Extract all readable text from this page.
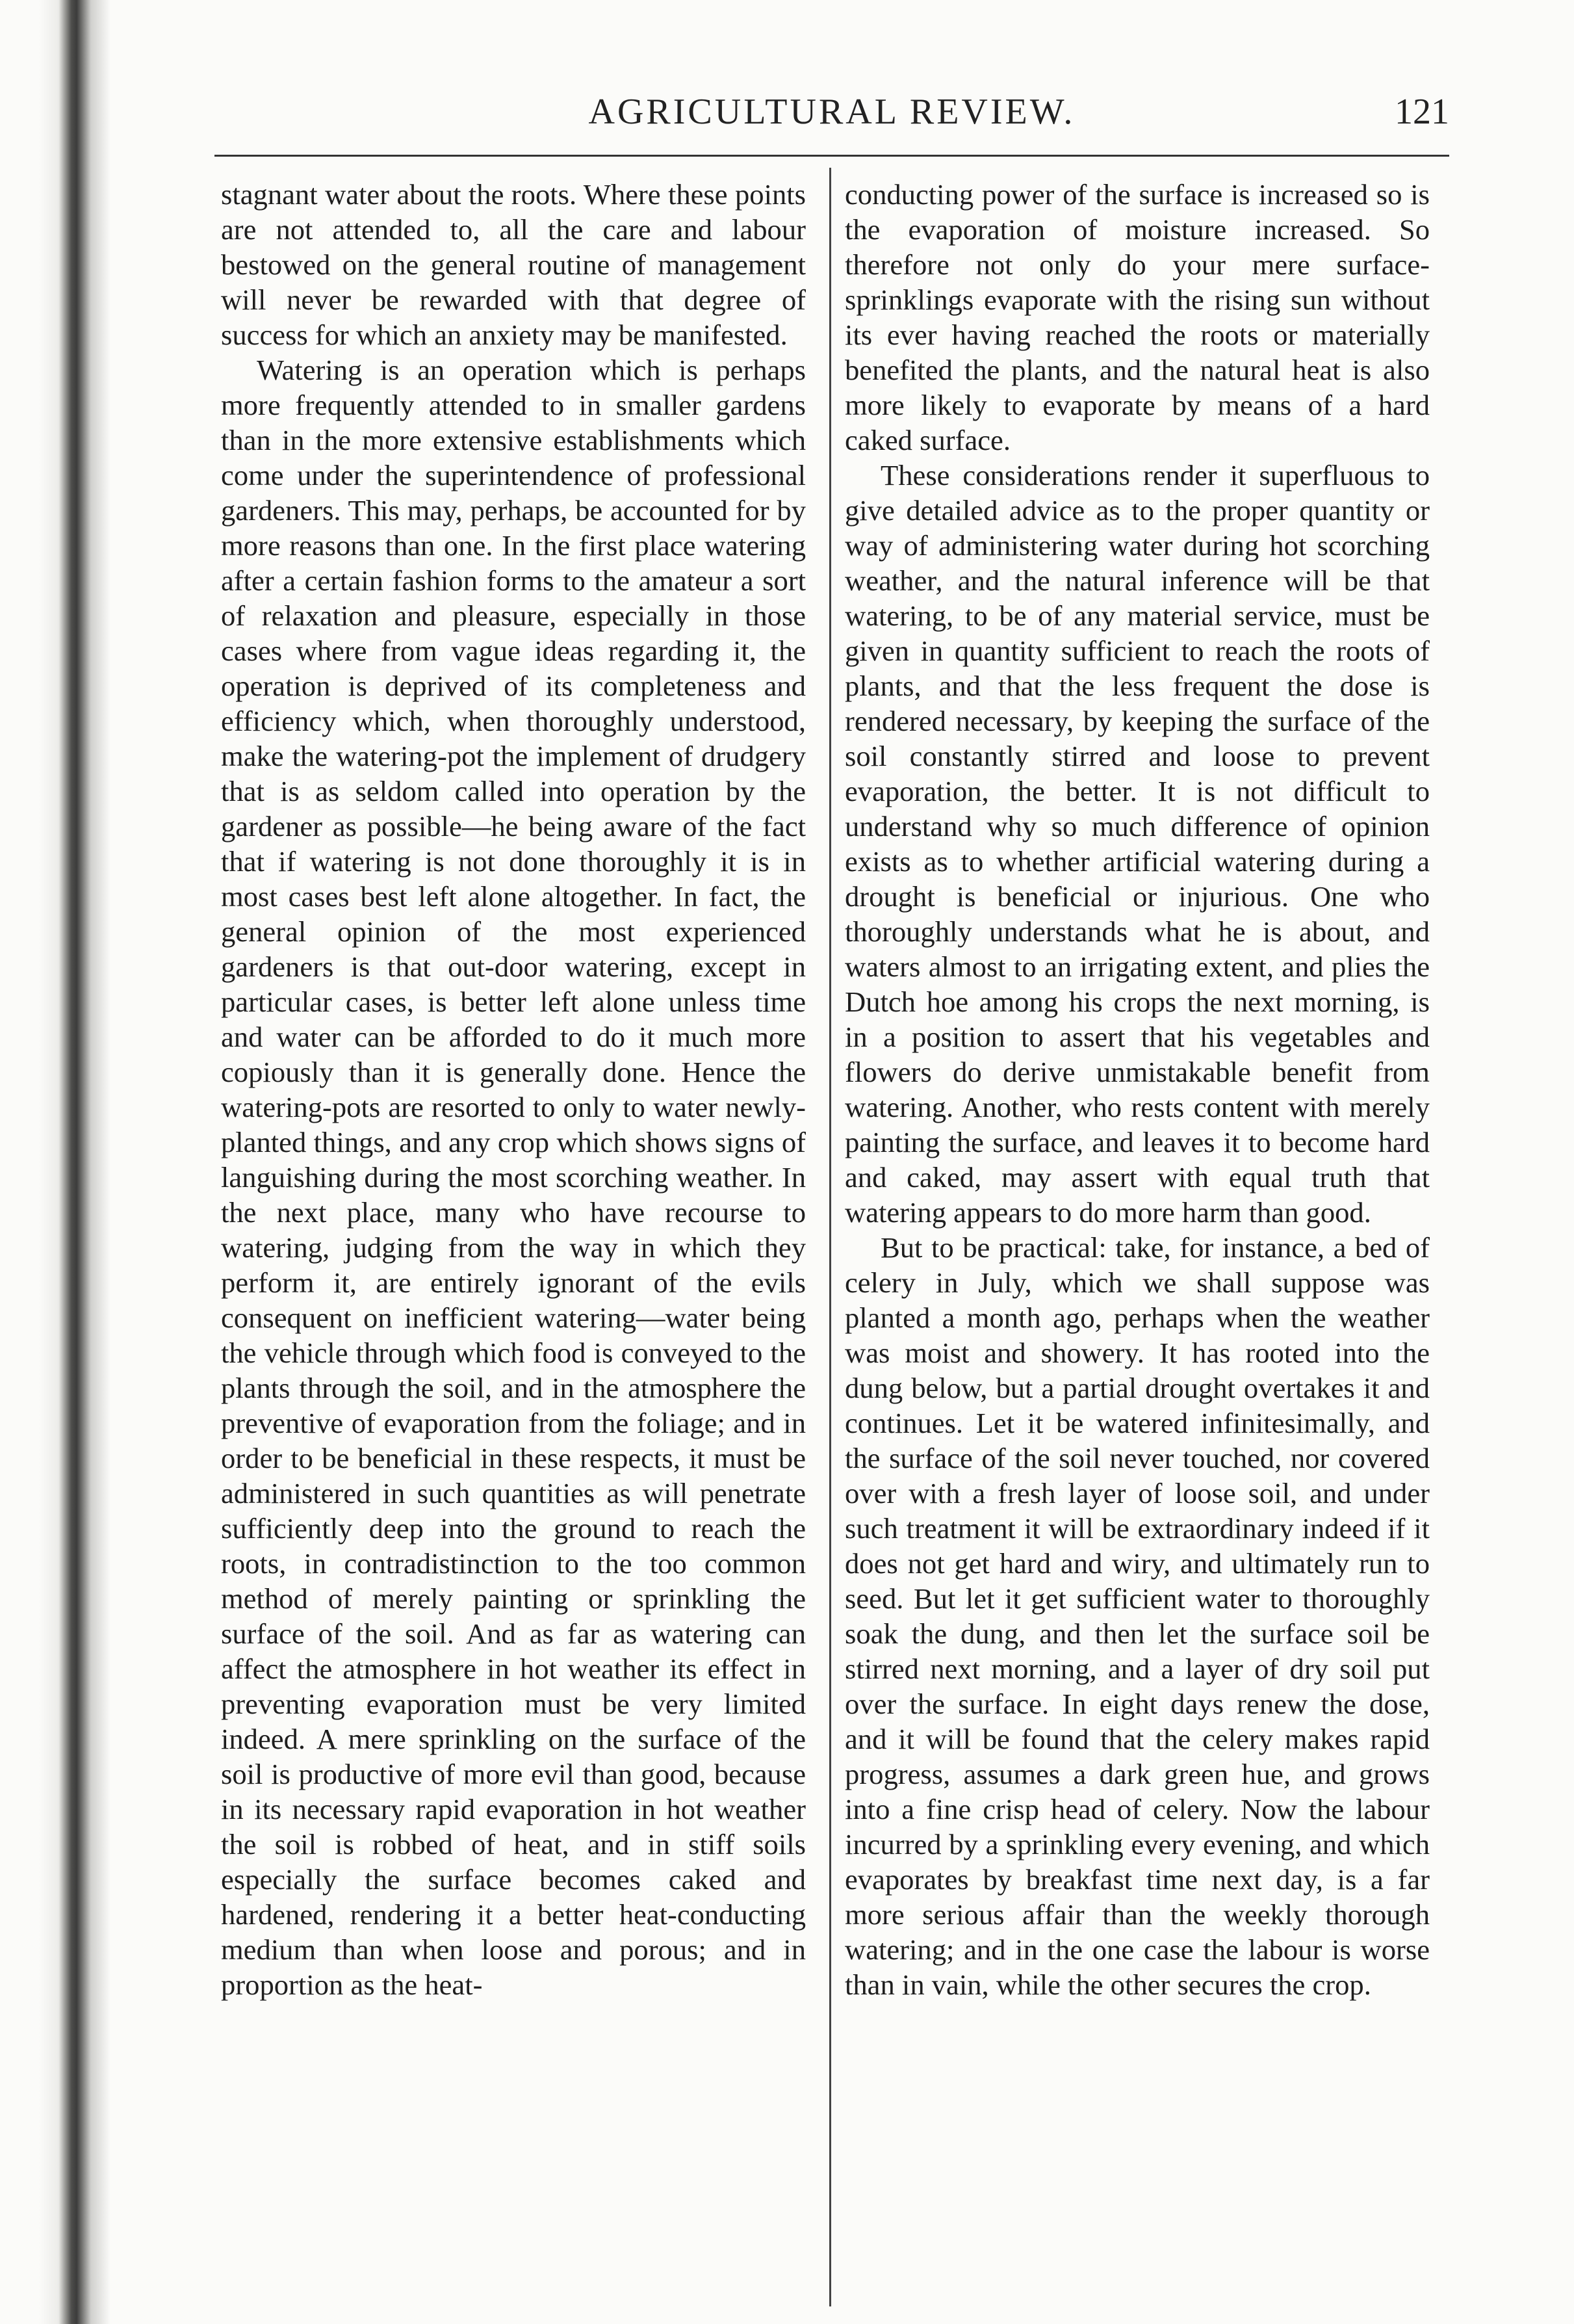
AGRICULTURAL REVIEW.	121

stagnant water about the roots. Where these points are not attended to, all the care and labour bestowed on the general routine of management will never be rewarded with that degree of success for which an anxiety may be manifested.

Watering is an operation which is perhaps more frequently attended to in smaller gardens than in the more extensive establishments which come under the superintendence of professional gardeners. This may, perhaps, be accounted for by more reasons than one. In the first place watering after a certain fashion forms to the amateur a sort of relaxation and pleasure, especially in those cases where from vague ideas regarding it, the operation is deprived of its completeness and efficiency which, when thoroughly understood, make the watering-pot the implement of drudgery that is as seldom called into operation by the gardener as possible—he being aware of the fact that if watering is not done thoroughly it is in most cases best left alone altogether. In fact, the general opinion of the most experienced gardeners is that out-door watering, except in particular cases, is better left alone unless time and water can be afforded to do it much more copiously than it is generally done. Hence the watering-pots are resorted to only to water newly-planted things, and any crop which shows signs of languishing during the most scorching weather. In the next place, many who have recourse to watering, judging from the way in which they perform it, are entirely ignorant of the evils consequent on inefficient watering—water being the vehicle through which food is conveyed to the plants through the soil, and in the atmosphere the preventive of evaporation from the foliage; and in order to be beneficial in these respects, it must be administered in such quantities as will penetrate sufficiently deep into the ground to reach the roots, in contradistinction to the too common method of merely painting or sprinkling the surface of the soil. And as far as watering can affect the atmosphere in hot weather its effect in preventing evaporation must be very limited indeed. A mere sprinkling on the surface of the soil is productive of more evil than good, because in its necessary rapid evaporation in hot weather the soil is robbed of heat, and in stiff soils especially the surface becomes caked and hardened, rendering it a better heat-conducting medium than when loose and porous; and in proportion as the heat-

conducting power of the surface is increased so is the evaporation of moisture increased. So therefore not only do your mere surface-sprinklings evaporate with the rising sun without its ever having reached the roots or materially benefited the plants, and the natural heat is also more likely to evaporate by means of a hard caked surface.

These considerations render it superfluous to give detailed advice as to the proper quantity or way of administering water during hot scorching weather, and the natural inference will be that watering, to be of any material service, must be given in quantity sufficient to reach the roots of plants, and that the less frequent the dose is rendered necessary, by keeping the surface of the soil constantly stirred and loose to prevent evaporation, the better. It is not difficult to understand why so much difference of opinion exists as to whether artificial watering during a drought is beneficial or injurious. One who thoroughly understands what he is about, and waters almost to an irrigating extent, and plies the Dutch hoe among his crops the next morning, is in a position to assert that his vegetables and flowers do derive unmistakable benefit from watering. Another, who rests content with merely painting the surface, and leaves it to become hard and caked, may assert with equal truth that watering appears to do more harm than good.

But to be practical: take, for instance, a bed of celery in July, which we shall suppose was planted a month ago, perhaps when the weather was moist and showery. It has rooted into the dung below, but a partial drought overtakes it and continues. Let it be watered infinitesimally, and the surface of the soil never touched, nor covered over with a fresh layer of loose soil, and under such treatment it will be extraordinary indeed if it does not get hard and wiry, and ultimately run to seed. But let it get sufficient water to thoroughly soak the dung, and then let the surface soil be stirred next morning, and a layer of dry soil put over the surface. In eight days renew the dose, and it will be found that the celery makes rapid progress, assumes a dark green hue, and grows into a fine crisp head of celery. Now the labour incurred by a sprinkling every evening, and which evaporates by breakfast time next day, is a far more serious affair than the weekly thorough watering; and in the one case the labour is worse than in vain, while the other secures the crop.
